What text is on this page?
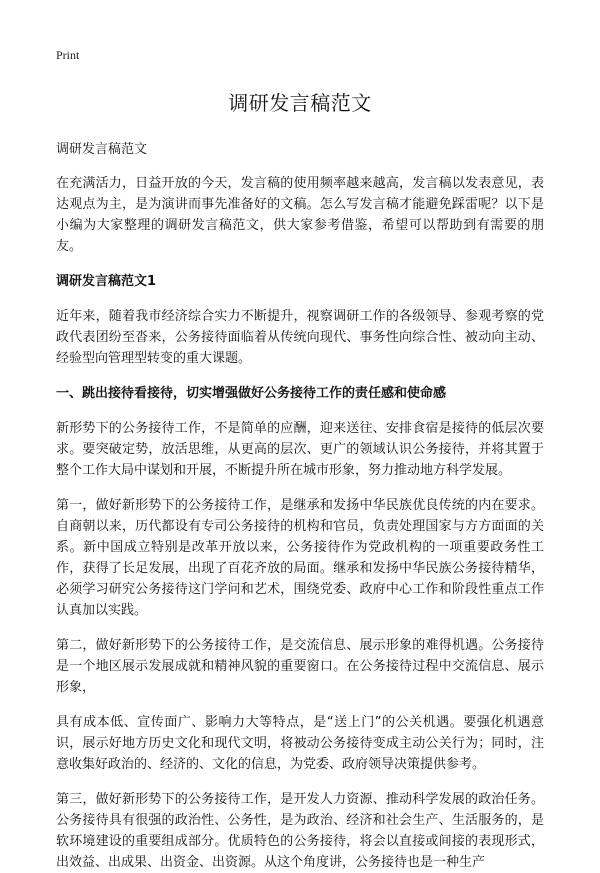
Print
调研发言稿范文
调研发言稿范文

在充满活力，日益开放的今天，发言稿的使用频率越来越高，发言稿以发表意见，表达观点为主，是为演讲而事先准备好的文稿。怎么写发言稿才能避免踩雷呢？以下是小编为大家整理的调研发言稿范文，供大家参考借鉴，希望可以帮助到有需要的朋友。

调研发言稿范文1

近年来，随着我市经济综合实力不断提升，视察调研工作的各级领导、参观考察的党政代表团纷至沓来，公务接待面临着从传统向现代、事务性向综合性、被动向主动、经验型向管理型转变的重大课题。

一、跳出接待看接待，切实增强做好公务接待工作的责任感和使命感

新形势下的公务接待工作，不是简单的应酬，迎来送往、安排食宿是接待的低层次要求。要突破定势，放活思维，从更高的层次、更广的领域认识公务接待，并将其置于整个工作大局中谋划和开展，不断提升所在城市形象，努力推动地方科学发展。

第一，做好新形势下的公务接待工作，是继承和发扬中华民族优良传统的内在要求。自商朝以来，历代都设有专司公务接待的机构和官员，负责处理国家与方方面面的关系。新中国成立特别是改革开放以来，公务接待作为党政机构的一项重要政务性工作，获得了长足发展，出现了百花齐放的局面。继承和发扬中华民族公务接待精华，必须学习研究公务接待这门学问和艺术，围绕党委、政府中心工作和阶段性重点工作认真加以实践。

第二，做好新形势下的公务接待工作，是交流信息、展示形象的难得机遇。公务接待是一个地区展示发展成就和精神风貌的重要窗口。在公务接待过程中交流信息、展示形象，

具有成本低、宣传面广、影响力大等特点，是“送上门”的公关机遇。要强化机遇意识，展示好地方历史文化和现代文明，将被动公务接待变成主动公关行为；同时，注意收集好政治的、经济的、文化的信息，为党委、政府领导决策提供参考。

第三，做好新形势下的公务接待工作，是开发人力资源、推动科学发展的政治任务。公务接待具有很强的政治性、公务性，是为政治、经济和社会生产、生活服务的，是软环境建设的重要组成部分。优质特色的公务接待，将会以直接或间接的表现形式，出效益、出成果、出资金、出资源。从这个角度讲，公务接待也是一种生产
